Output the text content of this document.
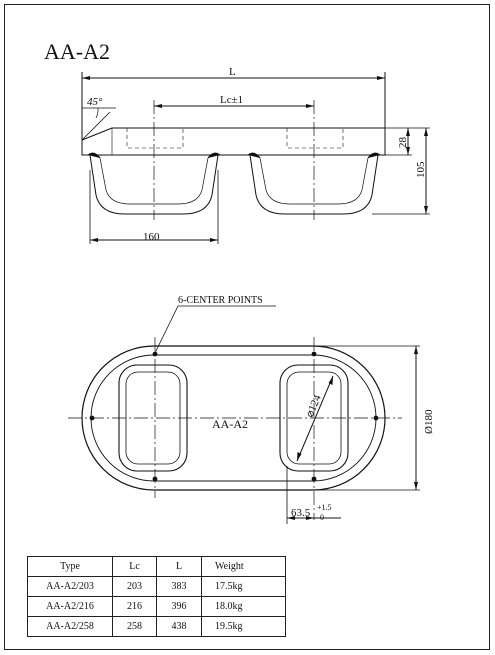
AA-A2
L
Lc±1
45°
28
105
160
6-CENTER POINTS
AA-A2
⌀124
Ø180
63.5 +1.5
0
Type	Lc	L	Weight
AA-A2/203	203	383	17.5kg
AA-A2/216	216	396	18.0kg
AA-A2/258	258	438	19.5kg
